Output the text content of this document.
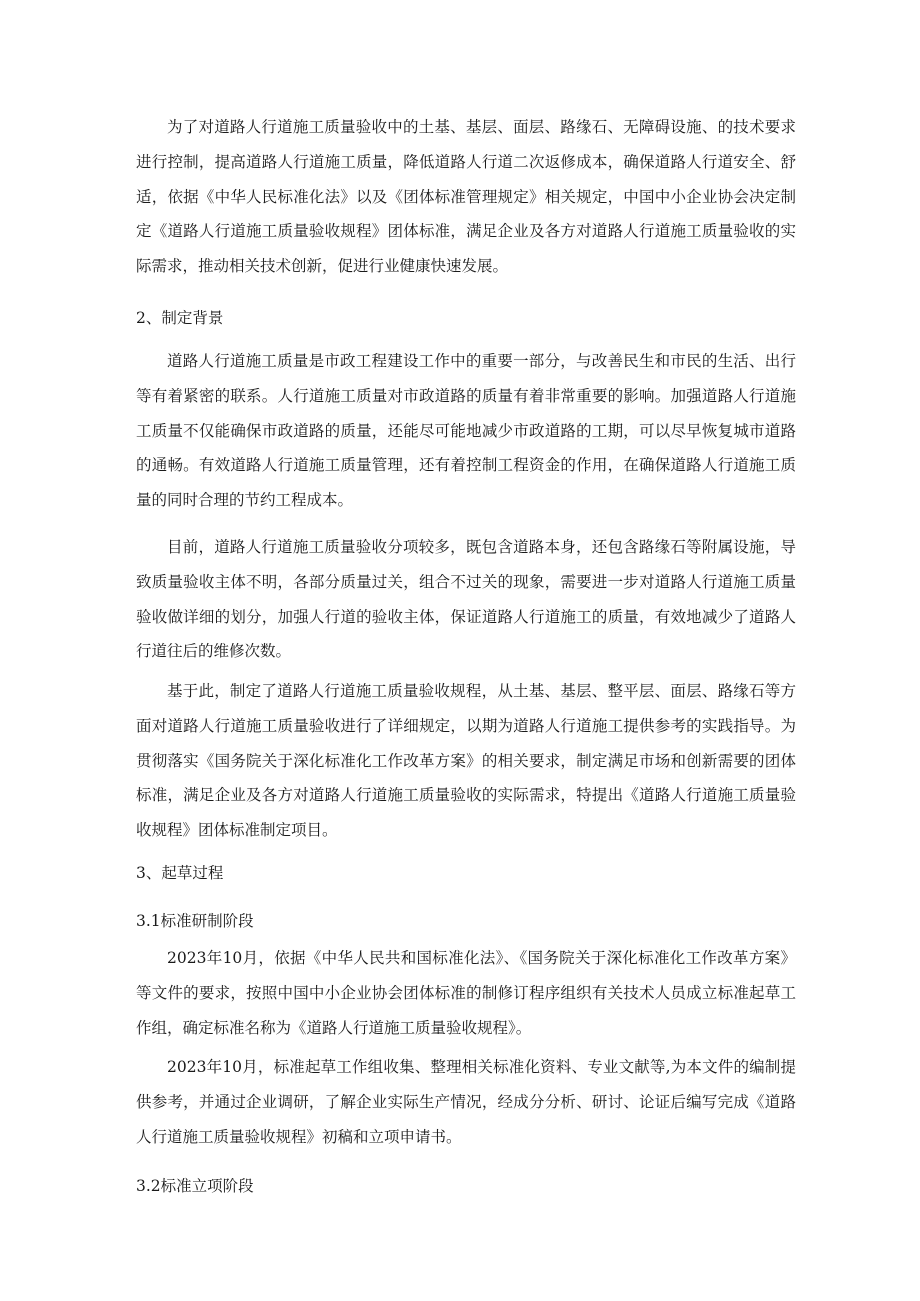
为了对道路人行道施工质量验收中的土基、基层、面层、路缘石、无障碍设施、的技术要求进行控制，提高道路人行道施工质量，降低道路人行道二次返修成本，确保道路人行道安全、舒适，依据《中华人民标准化法》以及《团体标准管理规定》相关规定，中国中小企业协会决定制定《道路人行道施工质量验收规程》团体标准，满足企业及各方对道路人行道施工质量验收的实际需求，推动相关技术创新，促进行业健康快速发展。

2、制定背景

道路人行道施工质量是市政工程建设工作中的重要一部分，与改善民生和市民的生活、出行等有着紧密的联系。人行道施工质量对市政道路的质量有着非常重要的影响。加强道路人行道施工质量不仅能确保市政道路的质量，还能尽可能地减少市政道路的工期，可以尽早恢复城市道路的通畅。有效道路人行道施工质量管理，还有着控制工程资金的作用，在确保道路人行道施工质量的同时合理的节约工程成本。

目前，道路人行道施工质量验收分项较多，既包含道路本身，还包含路缘石等附属设施，导致质量验收主体不明，各部分质量过关，组合不过关的现象，需要进一步对道路人行道施工质量验收做详细的划分，加强人行道的验收主体，保证道路人行道施工的质量，有效地减少了道路人行道往后的维修次数。

基于此，制定了道路人行道施工质量验收规程，从土基、基层、整平层、面层、路缘石等方面对道路人行道施工质量验收进行了详细规定，以期为道路人行道施工提供参考的实践指导。为贯彻落实《国务院关于深化标准化工作改革方案》的相关要求，制定满足市场和创新需要的团体标准，满足企业及各方对道路人行道施工质量验收的实际需求，特提出《道路人行道施工质量验收规程》团体标准制定项目。

3、起草过程

3.1标准研制阶段

2023年10月，依据《中华人民共和国标准化法》、《国务院关于深化标准化工作改革方案》等文件的要求，按照中国中小企业协会团体标准的制修订程序组织有关技术人员成立标准起草工作组，确定标准名称为《道路人行道施工质量验收规程》。

2023年10月，标准起草工作组收集、整理相关标准化资料、专业文献等,为本文件的编制提供参考，并通过企业调研，了解企业实际生产情况，经成分分析、研讨、论证后编写完成《道路人行道施工质量验收规程》初稿和立项申请书。

3.2标准立项阶段
